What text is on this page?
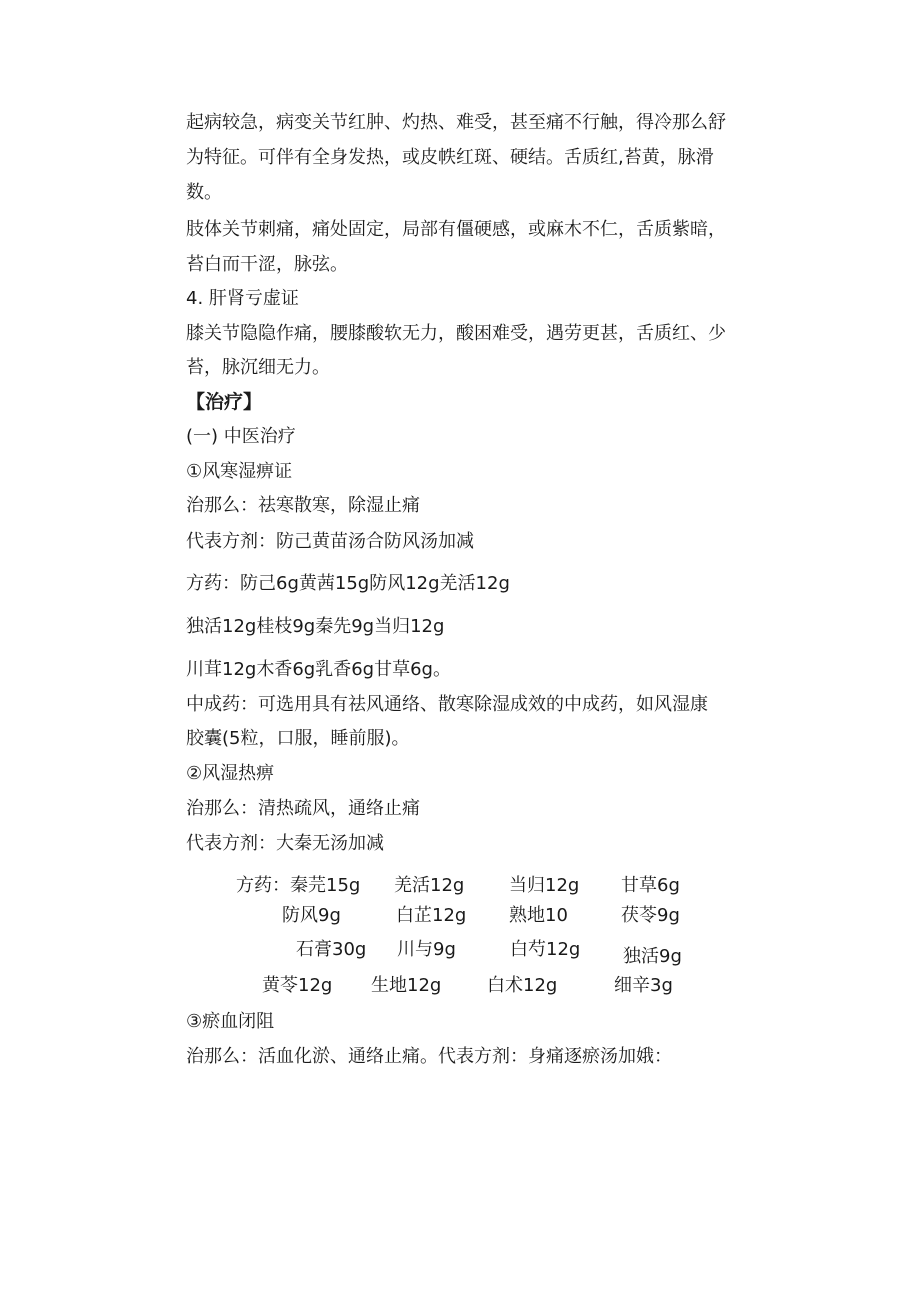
起病较急，病变关节红肿、灼热、难受，甚至痛不行触，得冷那么舒
为特征。可伴有全身发热，或皮帙红斑、硬结。舌质红,苔黄，脉滑
数。
肢体关节刺痛，痛处固定，局部有僵硬感，或麻木不仁，舌质紫暗，
苔白而干涩，脉弦。
4. 肝肾亏虚证
膝关节隐隐作痛，腰膝酸软无力，酸困难受，遇劳更甚，舌质红、少
苔，脉沉细无力。
【治疗】
(一) 中医治疗
①风寒湿痹证
治那么：祛寒散寒，除湿止痛
代表方剂：防己黄苗汤合防风汤加减
方药：防己6g黄茜15g防风12g羌活12g
独活12g桂枝9g秦先9g当归12g
川茸12g木香6g乳香6g甘草6g。
中成药：可选用具有祛风通络、散寒除湿成效的中成药，如风湿康
胶囊(5粒，口服，睡前服)。
②风湿热痹
治那么：清热疏风，通络止痛
代表方剂：大秦无汤加减
方药：秦芫15g 羌活12g 当归12g 甘草6g
防风9g	白芷12g 熟地10	茯苓9g
石膏30g 川与9g	白芍12g 独活9g
黄苓12g 生地12g	白术12g	细辛3g
③瘀血闭阻
治那么：活血化淤、通络止痛。代表方剂：身痛逐瘀汤加娥：
